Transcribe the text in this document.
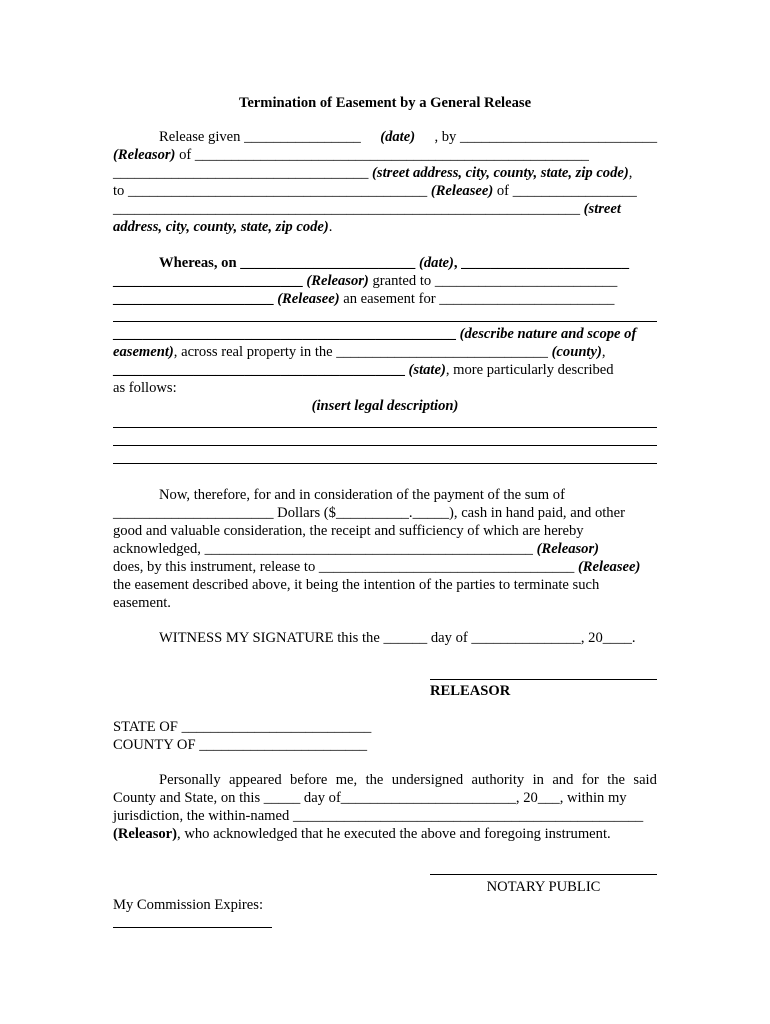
Termination of Easement by a General Release
Release given ________________ (date) , by ___________________________
(Releasor) of ______________________________________________________
___________________________________ (street address, city, county, state, zip code),
to _________________________________________ (Releasee) of _________________
________________________________________________________________ (street
address, city, county, state, zip code).
Whereas, on ________________________ (date), _______________________
__________________________ (Releasor) granted to _________________________
______________________ (Releasee) an easement for ________________________
_______________________________________________ (describe nature and scope of
easement), across real property in the _____________________________ (county),
________________________________________ (state), more particularly described
as follows:
(insert legal description)
Now, therefore, for and in consideration of the payment of the sum of
______________________ Dollars ($__________._____), cash in hand paid, and other
good and valuable consideration, the receipt and sufficiency of which are hereby
acknowledged, _____________________________________________ (Releasor)
does, by this instrument, release to ___________________________________ (Releasee)
the easement described above, it being the intention of the parties to terminate such
easement.
WITNESS MY SIGNATURE this the ______ day of _______________, 20____.
RELEASOR
STATE OF __________________________
COUNTY OF _______________________
Personally appeared before me, the undersigned authority in and for the said
County and State, on this _____ day of________________________, 20___, within my
jurisdiction, the within-named ________________________________________________
(Releasor), who acknowledged that he executed the above and foregoing instrument.
NOTARY PUBLIC
My Commission Expires:
